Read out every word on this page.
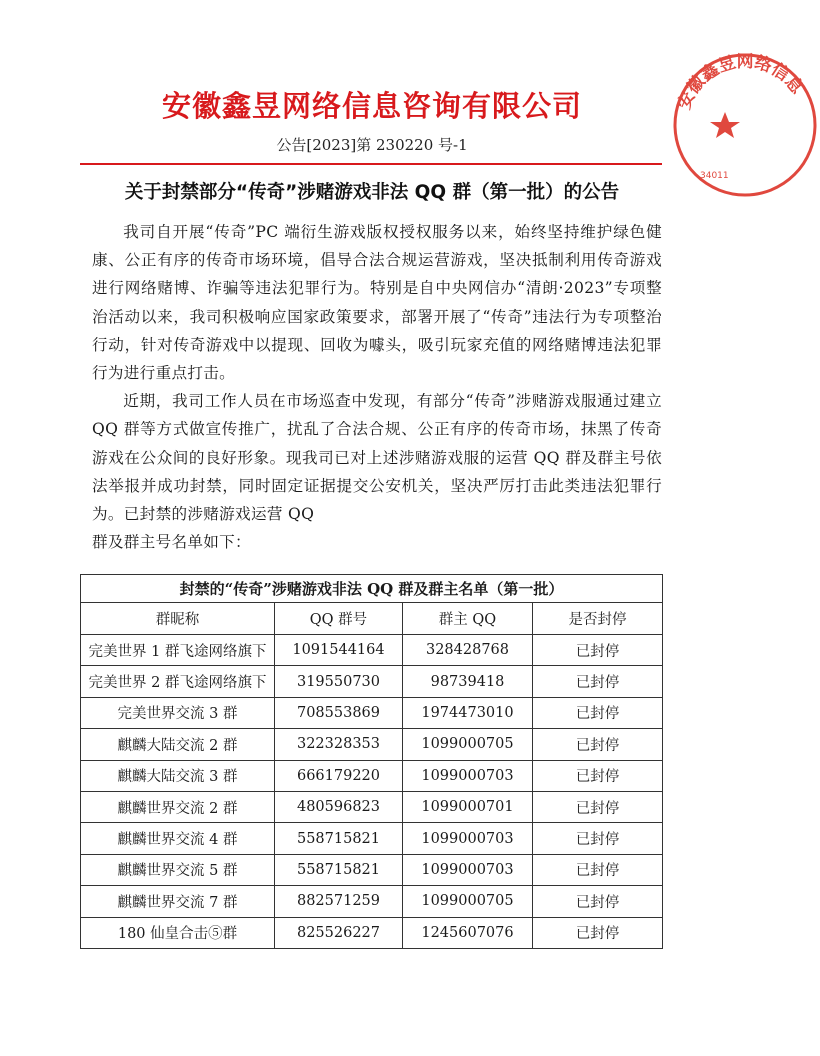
安徽鑫昱网络信息
34011
安徽鑫昱网络信息咨询有限公司
公告[2023]第 230220 号-1
关于封禁部分“传奇”涉赌游戏非法 QQ 群（第一批）的公告

我司自开展“传奇”PC 端衍生游戏版权授权服务以来，始终坚持维护绿色健康、公正有序的传奇市场环境，倡导合法合规运营游戏，坚决抵制利用传奇游戏进行网络赌博、诈骗等违法犯罪行为。特别是自中央网信办“清朗·2023”专项整治活动以来，我司积极响应国家政策要求，部署开展了“传奇”违法行为专项整治行动，针对传奇游戏中以提现、回收为噱头，吸引玩家充值的网络赌博违法犯罪行为进行重点打击。

近期，我司工作人员在市场巡查中发现，有部分“传奇”涉赌游戏服通过建立 QQ 群等方式做宣传推广，扰乱了合法合规、公正有序的传奇市场，抹黑了传奇游戏在公众间的良好形象。现我司已对上述涉赌游戏服的运营 QQ 群及群主号依法举报并成功封禁，同时固定证据提交公安机关，坚决严厉打击此类违法犯罪行为。已封禁的涉赌游戏运营 QQ

群及群主号名单如下：

封禁的“传奇”涉赌游戏非法 QQ 群及群主名单（第一批）			
群昵称	QQ 群号	群主 QQ	是否封停
完美世界 1 群飞途网络旗下	1091544164	328428768	已封停
完美世界 2 群飞途网络旗下	319550730	98739418	已封停
完美世界交流 3 群	708553869	1974473010	已封停
麒麟大陆交流 2 群	322328353	1099000705	已封停
麒麟大陆交流 3 群	666179220	1099000703	已封停
麒麟世界交流 2 群	480596823	1099000701	已封停
麒麟世界交流 4 群	558715821	1099000703	已封停
麒麟世界交流 5 群	558715821	1099000703	已封停
麒麟世界交流 7 群	882571259	1099000705	已封停
180 仙皇合击⑤群	825526227	1245607076	已封停
